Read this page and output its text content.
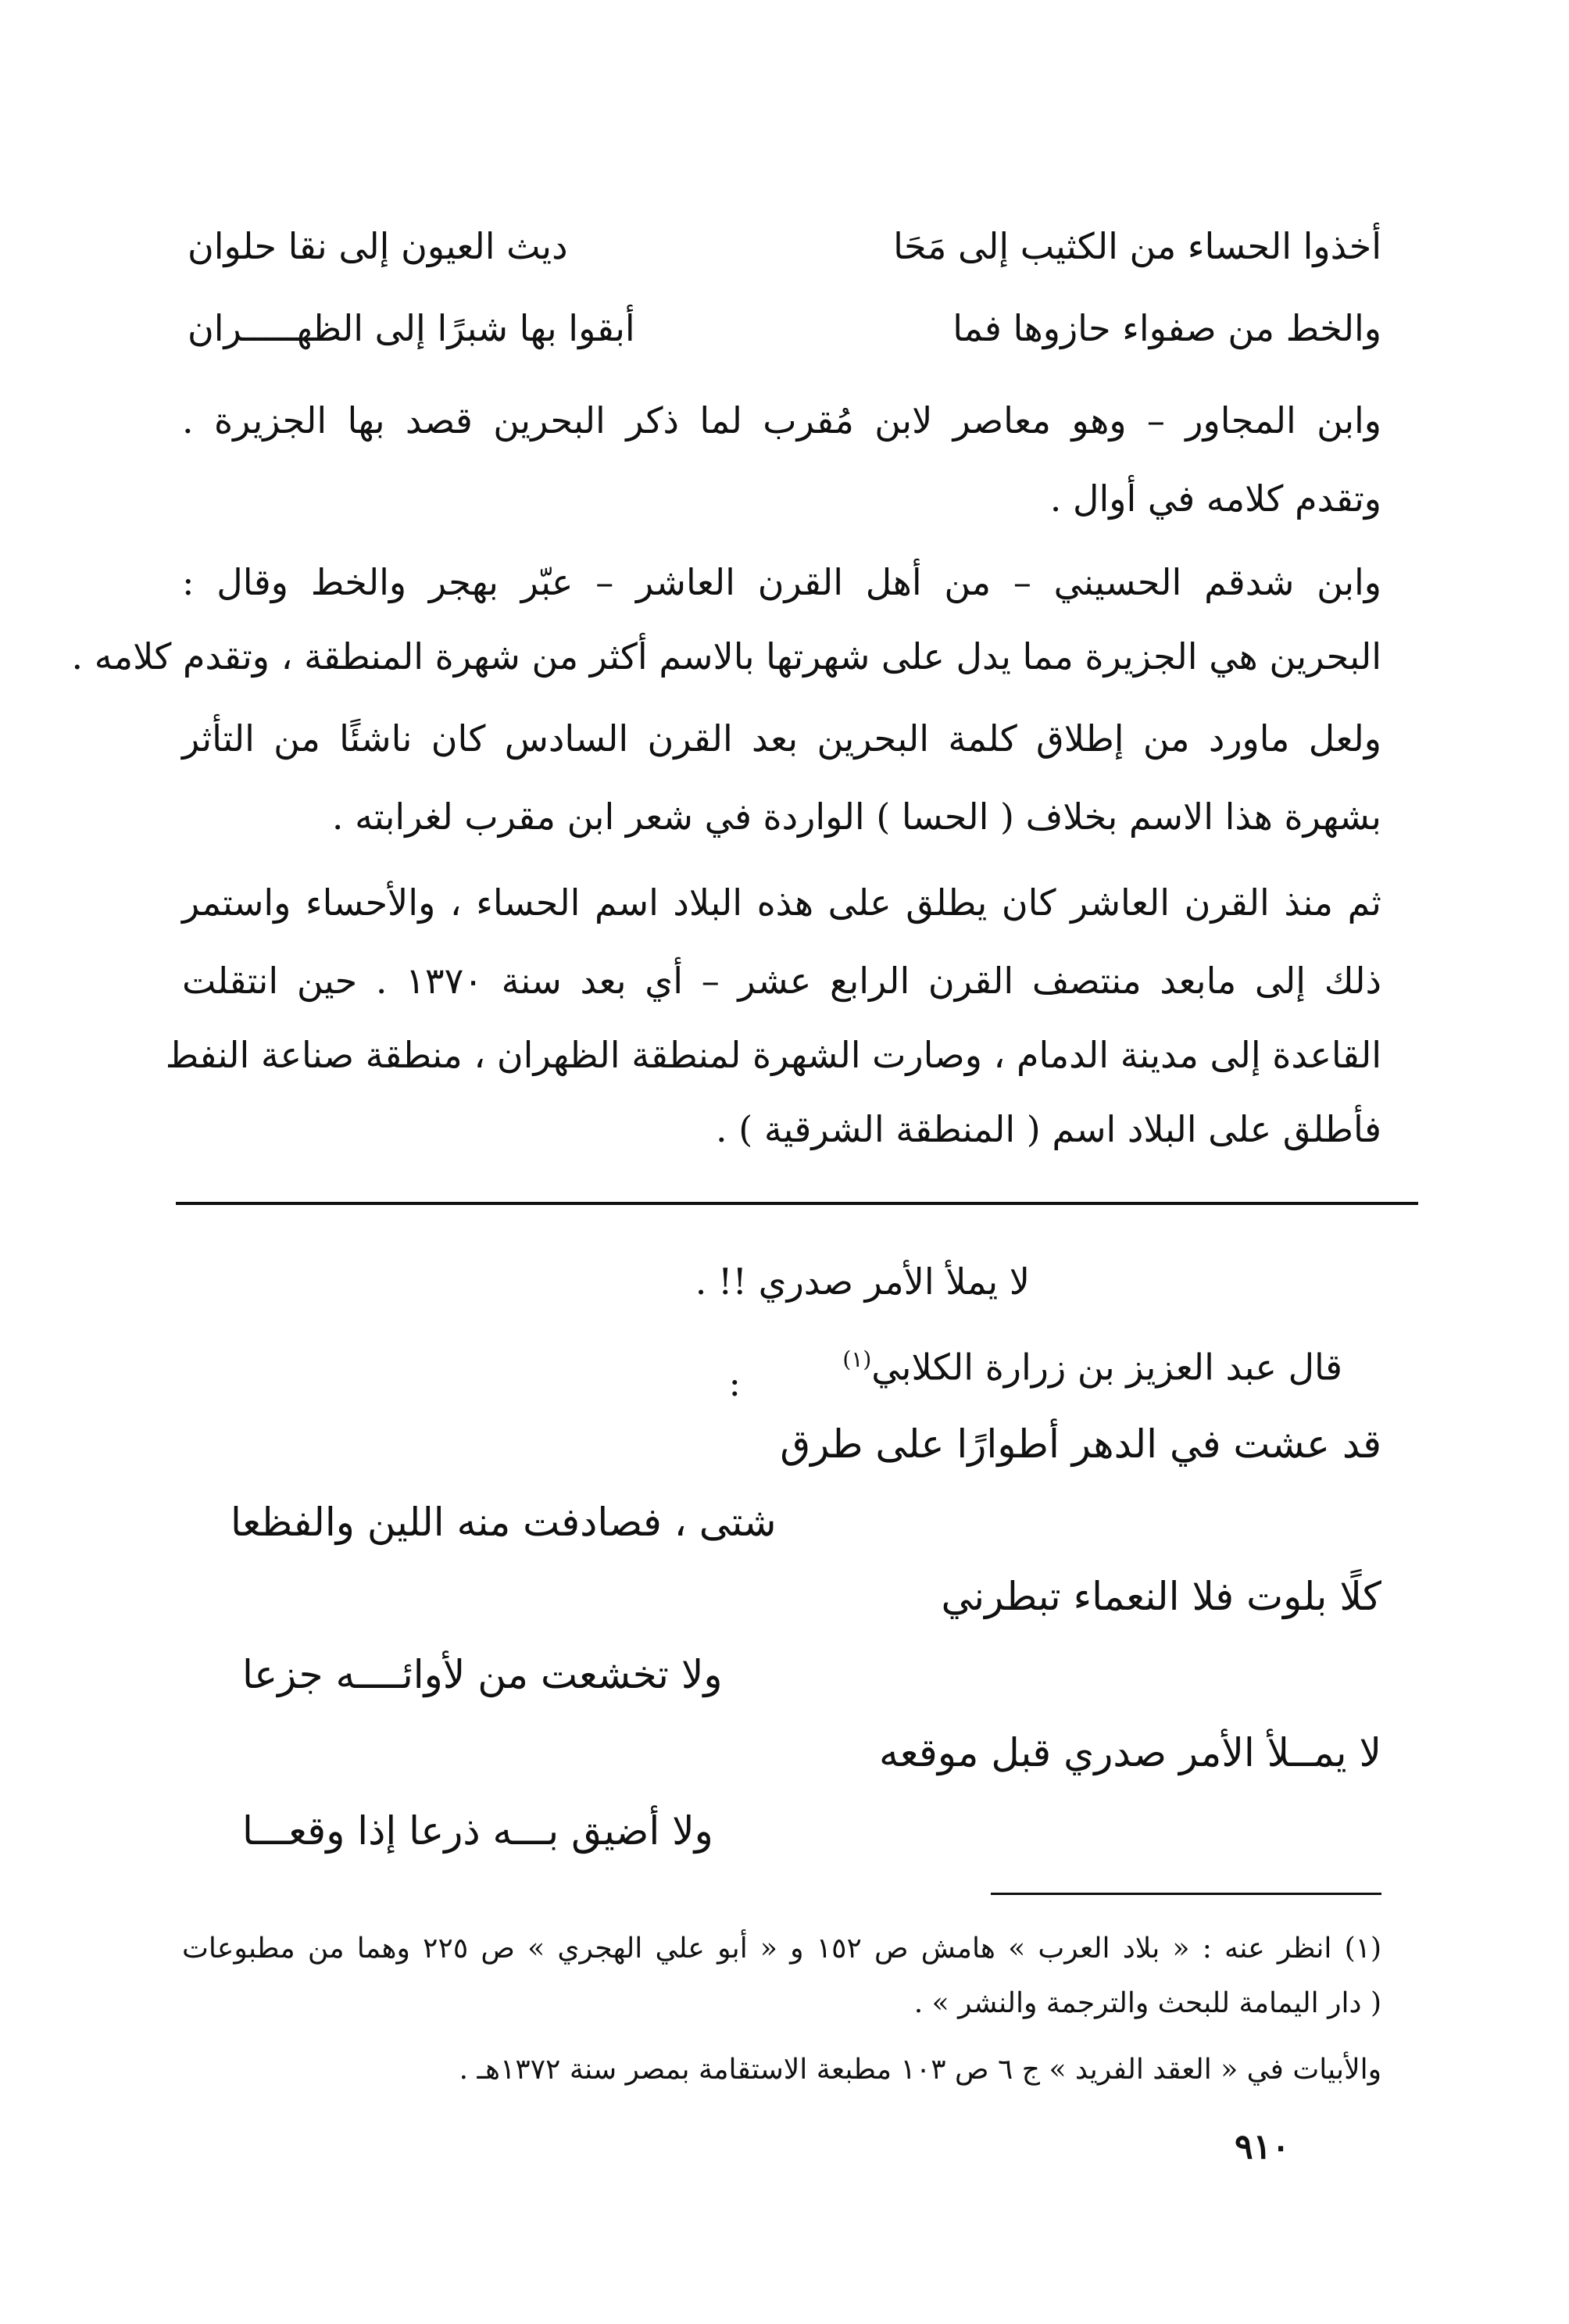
أخذوا الحساء من الكثيب إلى مَحَا
ديث العيون إلى نقا حلوان
والخط من صفواء حازوها فما
أبقوا بها شبرًا إلى الظهـــــران
وابن المجاور – وهو معاصر لابن مُقرب لما ذكر البحرين قصد بها الجزيرة .
وتقدم كلامه في أوال .
وابن شدقم الحسيني – من أهل القرن العاشر – عبّر بهجر والخط وقال :
البحرين هي الجزيرة مما يدل على شهرتها بالاسم أكثر من شهرة المنطقة ، وتقدم كلامه .
ولعل ماورد من إطلاق كلمة البحرين بعد القرن السادس كان ناشئًا من التأثر
بشهرة هذا الاسم بخلاف ( الحسا ) الواردة في شعر ابن مقرب لغرابته .
ثم منذ القرن العاشر كان يطلق على هذه البلاد اسم الحساء ، والأحساء واستمر
ذلك إلى مابعد منتصف القرن الرابع عشر – أي بعد سنة ١٣٧٠ . حين انتقلت
القاعدة إلى مدينة الدمام ، وصارت الشهرة لمنطقة الظهران ، منطقة صناعة النفط
فأطلق على البلاد اسم ( المنطقة الشرقية ) .
لا يملأ الأمر صدري !! .
قال عبد العزيز بن زرارة الكلابي$^{(١)}$
:
قد عشت في الدهر أطوارًا على طرق
شتى ، فصادفت منه اللين والفظعا
كلًا بلوت فلا النعماء تبطرني
ولا تخشعت من لأوائــــه جزعا
لا يمــلأ الأمر صدري قبل موقعه
ولا أضيق بـــه ذرعا إذا وقعـــا
(١) انظر عنه : « بلاد العرب » هامش ص ١٥٢ و « أبو علي الهجري » ص ٢٢٥ وهما من مطبوعات
( دار اليمامة للبحث والترجمة والنشر » .
والأبيات في « العقد الفريد » ج ٦ ص ١٠٣ مطبعة الاستقامة بمصر سنة ١٣٧٢هـ .
٩١٠
